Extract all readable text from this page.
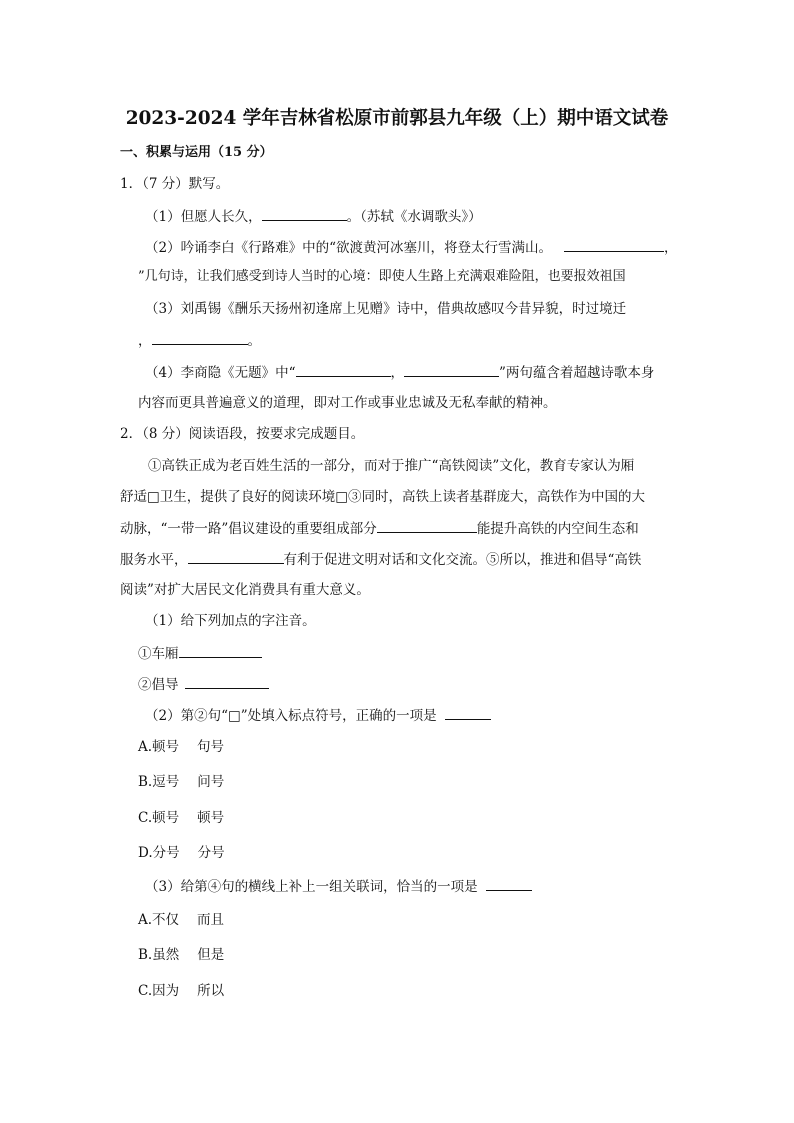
2023-2024 学年吉林省松原市前郭县九年级（上）期中语文试卷
一、积累与运用（15 分）
1．（7 分）默写。
（1）但愿人长久，	。（苏轼《水调歌头》）
（2）吟诵李白《行路难》中的“欲渡黄河冰塞川，将登太行雪满山。	，
”几句诗，让我们感受到诗人当时的心境：即使人生路上充满艰难险阻，也要报效祖国
（3）刘禹锡《酬乐天扬州初逢席上见赠》诗中，借典故感叹今昔异貌，时过境迁
，	。
（4）李商隐《无题》中“	，	”两句蕴含着超越诗歌本身
内容而更具普遍意义的道理，即对工作或事业忠诚及无私奉献的精神。
2．（8 分）阅读语段，按要求完成题目。
①高铁正成为老百姓生活的一部分，而对于推广“高铁阅读”文化，教育专家认为厢
舒适□卫生，提供了良好的阅读环境□③同时，高铁上读者基群庞大，高铁作为中国的大
动脉，“一带一路”倡议建设的重要组成部分	能提升高铁的内空间生态和
服务水平，	有利于促进文明对话和文化交流。⑤所以，推进和倡导“高铁
阅读”对扩大居民文化消费具有重大意义。
（1）给下列加点的字注音。
①车厢
②倡导
（2）第②句“□”处填入标点符号，正确的一项是
A.顿号 句号
B.逗号 问号
C.顿号 顿号
D.分号 分号
（3）给第④句的横线上补上一组关联词，恰当的一项是
A.不仅 而且
B.虽然 但是
C.因为 所以
